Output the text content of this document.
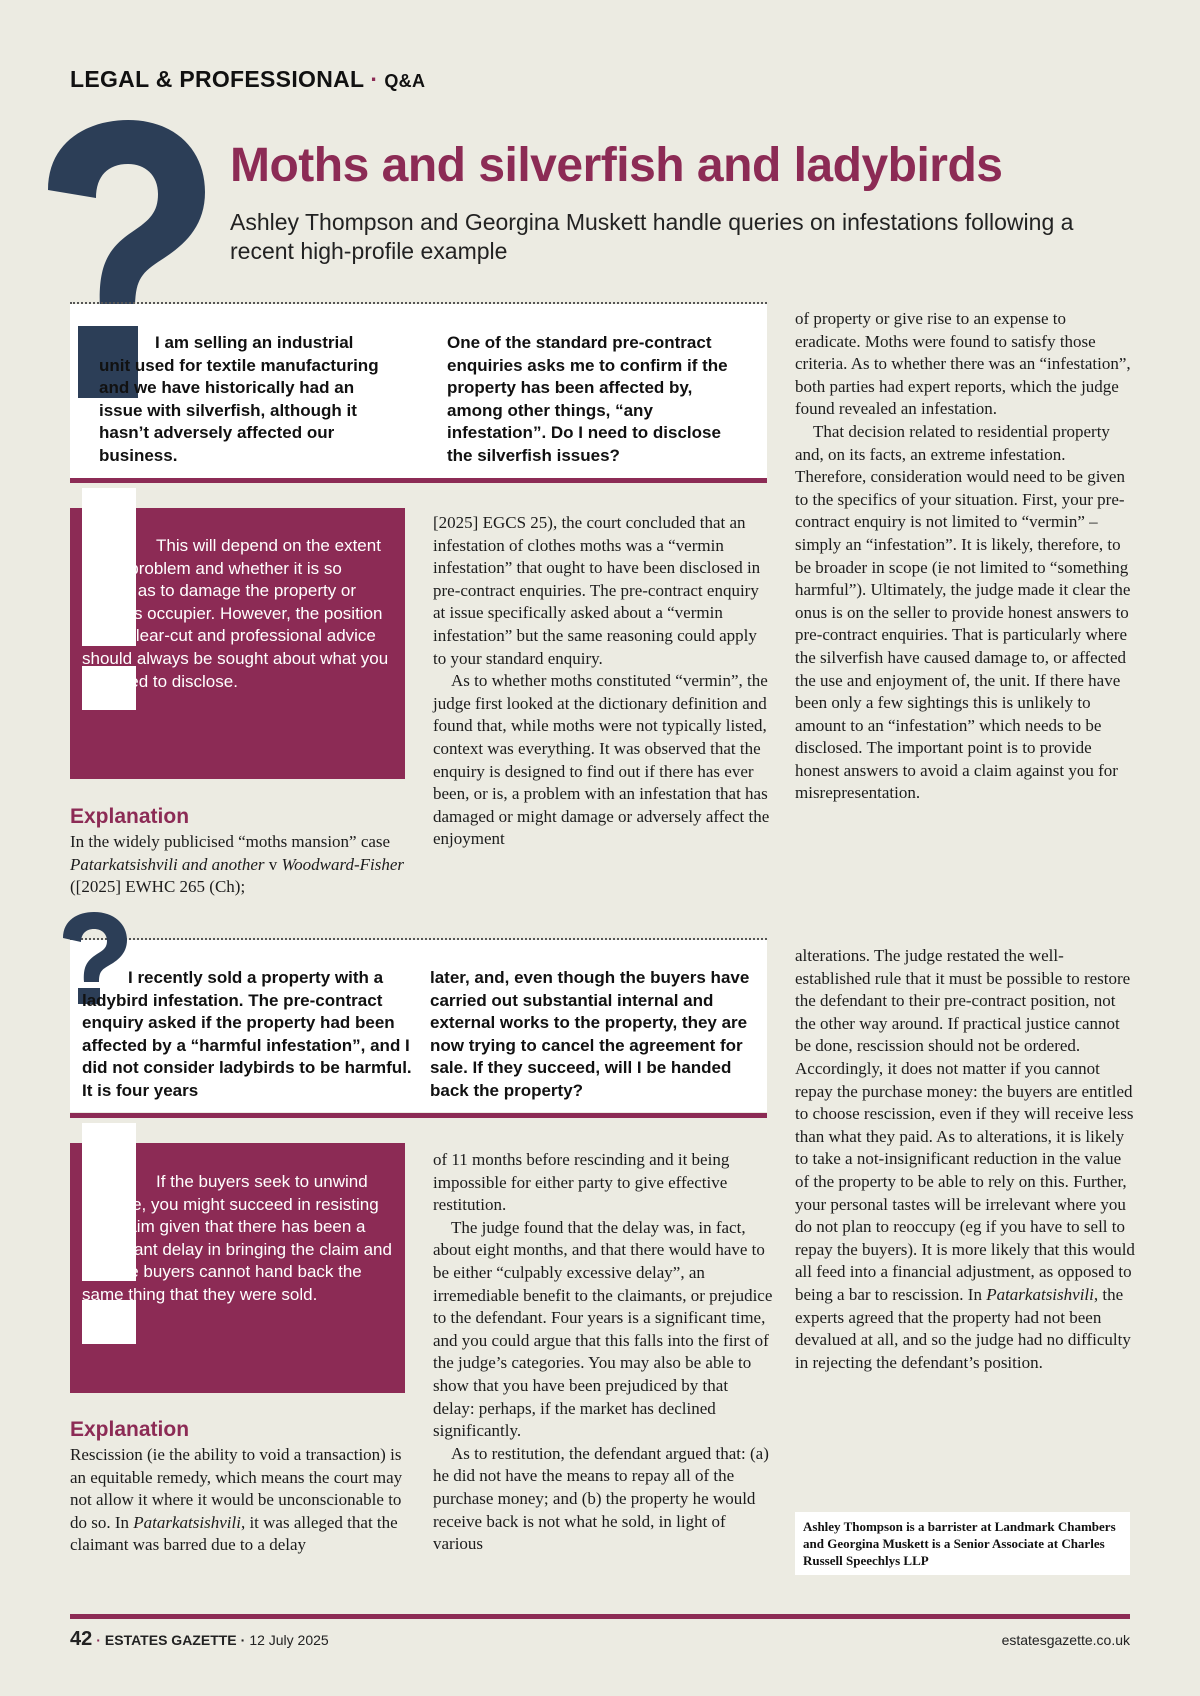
LEGAL & PROFESSIONAL · Q&A
Moths and silverfish and ladybirds
Ashley Thompson and Georgina Muskett handle queries on infestations following a recent high-profile example
I am selling an industrial unit used for textile manufacturing and we have historically had an issue with silverfish, although it hasn’t adversely affected our business.
One of the standard pre-contract enquiries asks me to confirm if the property has been affected by, among other things, “any infestation”. Do I need to disclose the silverfish issues?
This will depend on the extent of the problem and whether it is so severe as to damage the property or harm its occupier. However, the position is not clear-cut and professional advice should always be sought about what you will need to disclose.
Explanation

In the widely publicised “moths mansion” case Patarkatsishvili and another v Woodward-Fisher ([2025] EWHC 265 (Ch);

[2025] EGCS 25), the court concluded that an infestation of clothes moths was a “vermin infestation” that ought to have been disclosed in pre-contract enquiries. The pre-contract enquiry at issue specifically asked about a “vermin infestation” but the same reasoning could apply to your standard enquiry.

As to whether moths constituted “vermin”, the judge first looked at the dictionary definition and found that, while moths were not typically listed, context was everything. It was observed that the enquiry is designed to find out if there has ever been, or is, a problem with an infestation that has damaged or might damage or adversely affect the enjoyment

of property or give rise to an expense to eradicate. Moths were found to satisfy those criteria. As to whether there was an “infestation”, both parties had expert reports, which the judge found revealed an infestation.

That decision related to residential property and, on its facts, an extreme infestation. Therefore, consideration would need to be given to the specifics of your situation. First, your pre-contract enquiry is not limited to “vermin” – simply an “infestation”. It is likely, therefore, to be broader in scope (ie not limited to “something harmful”). Ultimately, the judge made it clear the onus is on the seller to provide honest answers to pre-contract enquiries. That is particularly where the silverfish have caused damage to, or affected the use and enjoyment of, the unit. If there have been only a few sightings this is unlikely to amount to an “infestation” which needs to be disclosed. The important point is to provide honest answers to avoid a claim against you for misrepresentation.

I recently sold a property with a ladybird infestation. The pre-contract enquiry asked if the property had been affected by a “harmful infestation”, and I did not consider ladybirds to be harmful. It is four years
later, and, even though the buyers have carried out substantial internal and external works to the property, they are now trying to cancel the agreement for sale. If they succeed, will I be handed back the property?
If the buyers seek to unwind the sale, you might succeed in resisting that claim given that there has been a significant delay in bringing the claim and that the buyers cannot hand back the same thing that they were sold.
Explanation

Rescission (ie the ability to void a transaction) is an equitable remedy, which means the court may not allow it where it would be unconscionable to do so. In Patarkatsishvili, it was alleged that the claimant was barred due to a delay

of 11 months before rescinding and it being impossible for either party to give effective restitution.

The judge found that the delay was, in fact, about eight months, and that there would have to be either “culpably excessive delay”, an irremediable benefit to the claimants, or prejudice to the defendant. Four years is a significant time, and you could argue that this falls into the first of the judge’s categories. You may also be able to show that you have been prejudiced by that delay: perhaps, if the market has declined significantly.

As to restitution, the defendant argued that: (a) he did not have the means to repay all of the purchase money; and (b) the property he would receive back is not what he sold, in light of various

alterations. The judge restated the well-established rule that it must be possible to restore the defendant to their pre-contract position, not the other way around. If practical justice cannot be done, rescission should not be ordered. Accordingly, it does not matter if you cannot repay the purchase money: the buyers are entitled to choose rescission, even if they will receive less than what they paid. As to alterations, it is likely to take a not-insignificant reduction in the value of the property to be able to rely on this. Further, your personal tastes will be irrelevant where you do not plan to reoccupy (eg if you have to sell to repay the buyers). It is more likely that this would all feed into a financial adjustment, as opposed to being a bar to rescission. In Patarkatsishvili, the experts agreed that the property had not been devalued at all, and so the judge had no difficulty in rejecting the defendant’s position.

Ashley Thompson is a barrister at Landmark Chambers and Georgina Muskett is a Senior Associate at Charles Russell Speechlys LLP
42 · ESTATES GAZETTE · 12 July 2025	estatesgazette.co.uk
